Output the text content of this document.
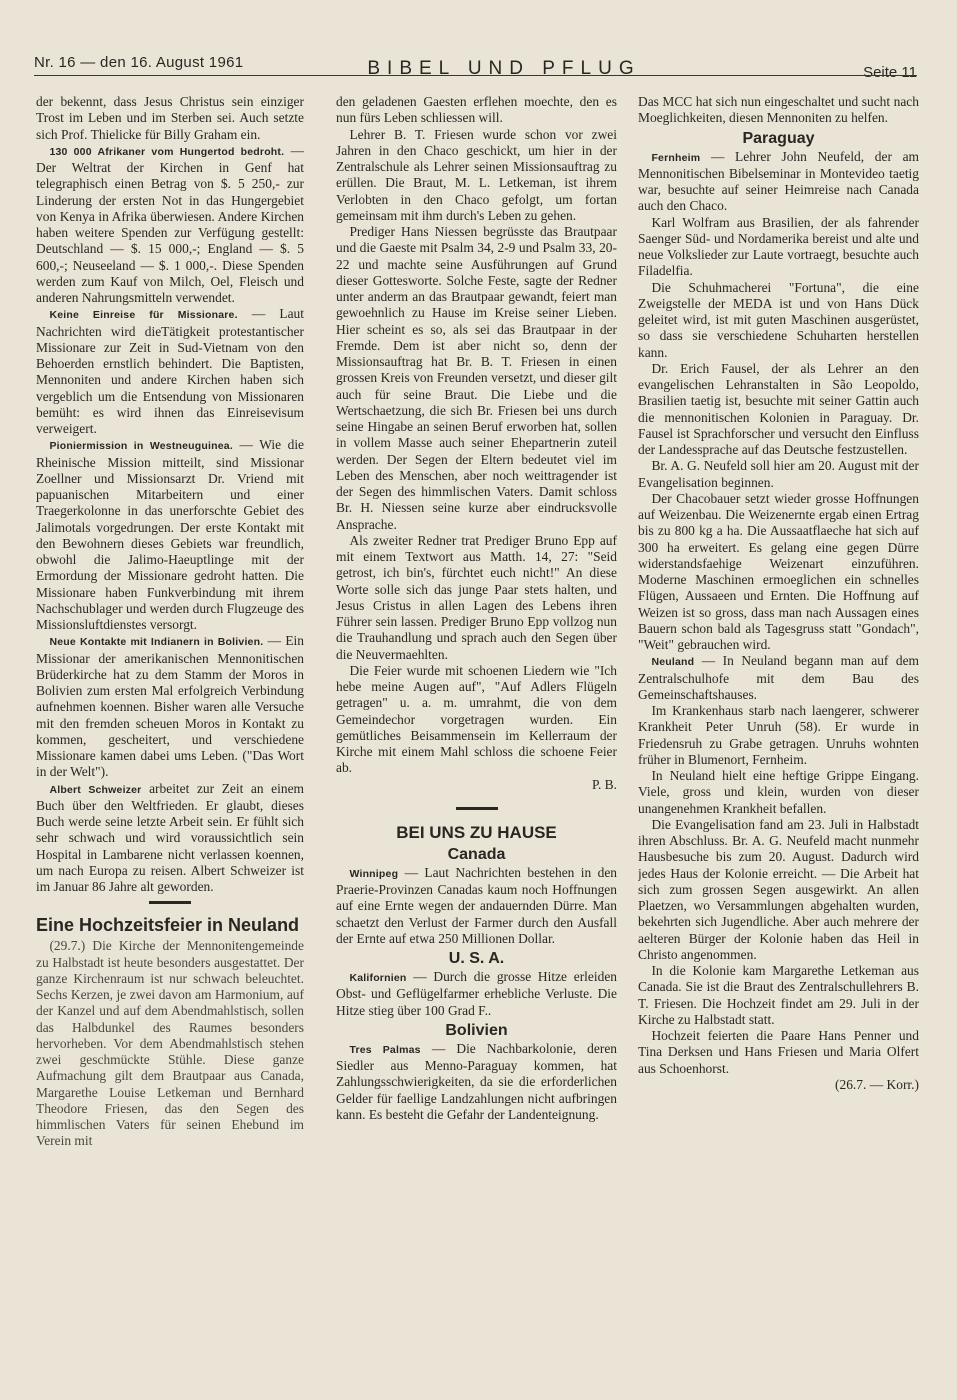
Nr. 16 — den 16. August 1961	BIBEL UND PFLUG	Seite 11

der bekennt, dass Jesus Christus sein einziger Trost im Leben und im Sterben sei. Auch setzte sich Prof. Thielicke für Billy Graham ein.

130 000 Afrikaner vom Hungertod bedroht. — Der Weltrat der Kirchen in Genf hat telegraphisch einen Betrag von $. 5 250,- zur Linderung der ersten Not in das Hungergebiet von Kenya in Afrika überwiesen. Andere Kirchen haben weitere Spenden zur Verfügung gestellt: Deutschland — $. 15 000,-; England — $. 5 600,-; Neuseeland — $. 1 000,-. Diese Spenden werden zum Kauf von Milch, Oel, Fleisch und anderen Nahrungsmitteln verwendet.

Keine Einreise für Missionare. — Laut Nachrichten wird dieTätigkeit protestantischer Missionare zur Zeit in Sud-Vietnam von den Behoerden ernstlich behindert. Die Baptisten, Mennoniten und andere Kirchen haben sich vergeblich um die Entsendung von Missionaren bemüht: es wird ihnen das Einreisevisum verweigert.

Pioniermission in Westneuguinea. — Wie die Rheinische Mission mitteilt, sind Missionar Zoellner und Missionsarzt Dr. Vriend mit papuanischen Mitarbeitern und einer Traegerkolonne in das unerforschte Gebiet des Jalimotals vorgedrungen. Der erste Kontakt mit den Bewohnern dieses Gebiets war freundlich, obwohl die Jalimo-Haeuptlinge mit der Ermordung der Missionare gedroht hatten. Die Missionare haben Funkverbindung mit ihrem Nachschublager und werden durch Flugzeuge des Missionsluftdienstes versorgt.

Neue Kontakte mit Indianern in Bolivien. — Ein Missionar der amerikanischen Mennonitischen Brüderkirche hat zu dem Stamm der Moros in Bolivien zum ersten Mal erfolgreich Verbindung aufnehmen koennen. Bisher waren alle Versuche mit den fremden scheuen Moros in Kontakt zu kommen, gescheitert, und verschiedene Missionare kamen dabei ums Leben. ("Das Wort in der Welt").

Albert Schweizer arbeitet zur Zeit an einem Buch über den Weltfrieden. Er glaubt, dieses Buch werde seine letzte Arbeit sein. Er fühlt sich sehr schwach und wird voraussichtlich sein Hospital in Lambarene nicht verlassen koennen, um nach Europa zu reisen. Albert Schweizer ist im Januar 86 Jahre alt geworden.

Eine Hochzeitsfeier in Neuland

(29.7.) Die Kirche der Mennonitengemeinde zu Halbstadt ist heute besonders ausgestattet. Der ganze Kirchenraum ist nur schwach beleuchtet. Sechs Kerzen, je zwei davon am Harmonium, auf der Kanzel und auf dem Abendmahlstisch, sollen das Halbdunkel des Raumes besonders hervorheben. Vor dem Abendmahlstisch stehen zwei geschmückte Stühle. Diese ganze Aufmachung gilt dem Brautpaar aus Canada, Margarethe Louise Letkeman und Bernhard Theodore Friesen, das den Segen des himmlischen Vaters für seinen Ehebund im Verein mit

den geladenen Gaesten erflehen moechte, den es nun fürs Leben schliessen will.

Lehrer B. T. Friesen wurde schon vor zwei Jahren in den Chaco geschickt, um hier in der Zentralschule als Lehrer seinen Missionsauftrag zu erüllen. Die Braut, M. L. Letkeman, ist ihrem Verlobten in den Chaco gefolgt, um fortan gemeinsam mit ihm durch's Leben zu gehen.

Prediger Hans Niessen begrüsste das Brautpaar und die Gaeste mit Psalm 34, 2-9 und Psalm 33, 20-22 und machte seine Ausführungen auf Grund dieser Gottesworte. Solche Feste, sagte der Redner unter anderm an das Brautpaar gewandt, feiert man gewoehnlich zu Hause im Kreise seiner Lieben. Hier scheint es so, als sei das Brautpaar in der Fremde. Dem ist aber nicht so, denn der Missionsauftrag hat Br. B. T. Friesen in einen grossen Kreis von Freunden versetzt, und dieser gilt auch für seine Braut. Die Liebe und die Wertschaetzung, die sich Br. Friesen bei uns durch seine Hingabe an seinen Beruf erworben hat, sollen in vollem Masse auch seiner Ehepartnerin zuteil werden. Der Segen der Eltern bedeutet viel im Leben des Menschen, aber noch weittragender ist der Segen des himmlischen Vaters. Damit schloss Br. H. Niessen seine kurze aber eindrucksvolle Ansprache.

Als zweiter Redner trat Prediger Bruno Epp auf mit einem Textwort aus Matth. 14, 27: "Seid getrost, ich bin's, fürchtet euch nicht!" An diese Worte solle sich das junge Paar stets halten, und Jesus Cristus in allen Lagen des Lebens ihren Führer sein lassen. Prediger Bruno Epp vollzog nun die Trauhandlung und sprach auch den Segen über die Neuvermaehlten.

Die Feier wurde mit schoenen Liedern wie "Ich hebe meine Augen auf", "Auf Adlers Flügeln getragen" u. a. m. umrahmt, die von dem Gemeindechor vorgetragen wurden. Ein gemütliches Beisammensein im Kellerraum der Kirche mit einem Mahl schloss die schoene Feier ab.

P. B.

BEI UNS ZU HAUSE
Canada

Winnipeg — Laut Nachrichten bestehen in den Praerie-Provinzen Canadas kaum noch Hoffnungen auf eine Ernte wegen der andauernden Dürre. Man schaetzt den Verlust der Farmer durch den Ausfall der Ernte auf etwa 250 Millionen Dollar.

U. S. A.

Kalifornien — Durch die grosse Hitze erleiden Obst- und Geflügelfarmer erhebliche Verluste. Die Hitze stieg über 100 Grad F..

Bolivien

Tres Palmas — Die Nachbarkolonie, deren Siedler aus Menno-Paraguay kommen, hat Zahlungsschwierigkeiten, da sie die erforderlichen Gelder für faellige Landzahlungen nicht aufbringen kann. Es besteht die Gefahr der Landenteignung.

Das MCC hat sich nun eingeschaltet und sucht nach Moeglichkeiten, diesen Mennoniten zu helfen.

Paraguay

Fernheim — Lehrer John Neufeld, der am Mennonitischen Bibelseminar in Montevideo taetig war, besuchte auf seiner Heimreise nach Canada auch den Chaco.

Karl Wolfram aus Brasilien, der als fahrender Saenger Süd- und Nordamerika bereist und alte und neue Volkslieder zur Laute vortraegt, besuchte auch Filadelfia.

Die Schuhmacherei "Fortuna", die eine Zweigstelle der MEDA ist und von Hans Dück geleitet wird, ist mit guten Maschinen ausgerüstet, so dass sie verschiedene Schuharten herstellen kann.

Dr. Erich Fausel, der als Lehrer an den evangelischen Lehranstalten in São Leopoldo, Brasilien taetig ist, besuchte mit seiner Gattin auch die mennonitischen Kolonien in Paraguay. Dr. Fausel ist Sprachforscher und versucht den Einfluss der Landessprache auf das Deutsche festzustellen.

Br. A. G. Neufeld soll hier am 20. August mit der Evangelisation beginnen.

Der Chacobauer setzt wieder grosse Hoffnungen auf Weizenbau. Die Weizenernte ergab einen Ertrag bis zu 800 kg a ha. Die Aussaatflaeche hat sich auf 300 ha erweitert. Es gelang eine gegen Dürre widerstandsfaehige Weizenart einzuführen. Moderne Maschinen ermoeglichen ein schnelles Flügen, Aussaeen und Ernten. Die Hoffnung auf Weizen ist so gross, dass man nach Aussagen eines Bauern schon bald als Tagesgruss statt "Gondach", "Weit" gebrauchen wird.

Neuland — In Neuland begann man auf dem Zentralschulhofe mit dem Bau des Gemeinschaftshauses.

Im Krankenhaus starb nach laengerer, schwerer Krankheit Peter Unruh (58). Er wurde in Friedensruh zu Grabe getragen. Unruhs wohnten früher in Blumenort, Fernheim.

In Neuland hielt eine heftige Grippe Eingang. Viele, gross und klein, wurden von dieser unangenehmen Krankheit befallen.

Die Evangelisation fand am 23. Juli in Halbstadt ihren Abschluss. Br. A. G. Neufeld macht nunmehr Hausbesuche bis zum 20. August. Dadurch wird jedes Haus der Kolonie erreicht. — Die Arbeit hat sich zum grossen Segen ausgewirkt. An allen Plaetzen, wo Versammlungen abgehalten wurden, bekehrten sich Jugendliche. Aber auch mehrere der aelteren Bürger der Kolonie haben das Heil in Christo angenommen.

In die Kolonie kam Margarethe Letkeman aus Canada. Sie ist die Braut des Zentralschullehrers B. T. Friesen. Die Hochzeit findet am 29. Juli in der Kirche zu Halbstadt statt.

Hochzeit feierten die Paare Hans Penner und Tina Derksen und Hans Friesen und Maria Olfert aus Schoenhorst.

(26.7. — Korr.)
